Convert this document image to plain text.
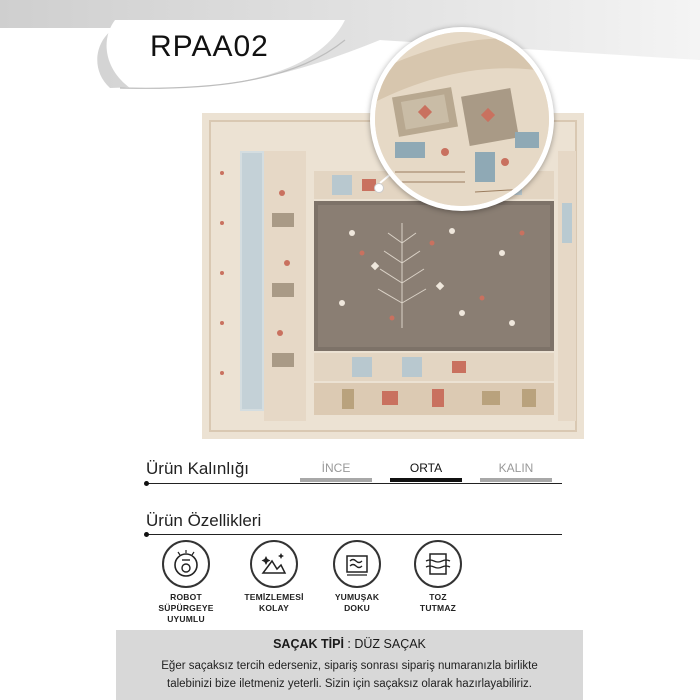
RPAA02
Ürün Kalınlığı	İNCE	ORTA	KALIN
Ürün Özellikleri
ROBOT
SÜPÜRGEYE
UYUMLU
TEMİZLEMESİ
KOLAY
YUMUŞAK
DOKU
TOZ
TUTMAZ
SAÇAK TİPİ : DÜZ SAÇAK
Eğer saçaksız tercih ederseniz, sipariş sonrası sipariş numaranızla birlikte
talebinizi bize iletmeniz yeterli. Sizin için saçaksız olarak hazırlayabiliriz.
